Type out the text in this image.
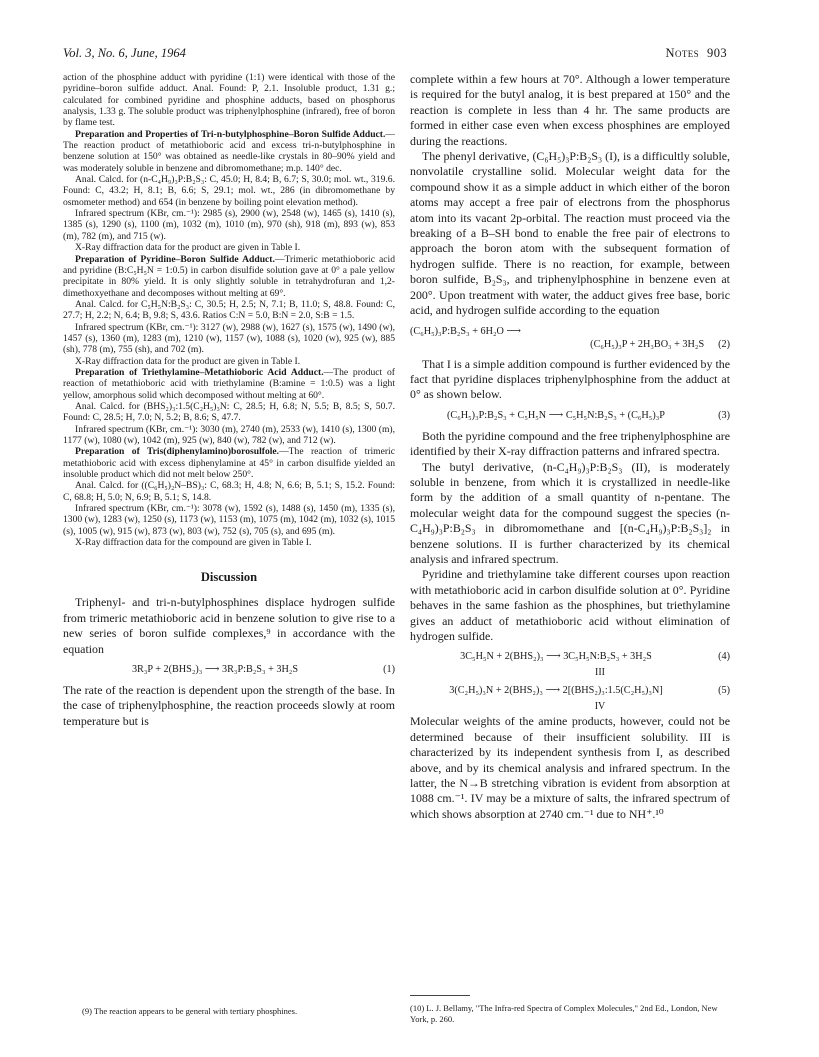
Vol. 3, No. 6, June, 1964	Notes 903

action of the phosphine adduct with pyridine (1:1) were identical with those of the pyridine–boron sulfide adduct. Anal. Found: P, 2.1. Insoluble product, 1.31 g.; calculated for combined pyridine and phosphine adducts, based on phosphorus analysis, 1.33 g. The soluble product was triphenylphosphine (infrared), free of boron by flame test.

Preparation and Properties of Tri-n-butylphosphine–Boron Sulfide Adduct.—The reaction product of metathioboric acid and excess tri-n-butylphosphine in benzene solution at 150° was obtained as needle-like crystals in 80–90% yield and was moderately soluble in benzene and dibromomethane; m.p. 140° dec.

Anal. Calcd. for (n-C₄H₉)₃P:B₂S₃: C, 45.0; H, 8.4; B, 6.7; S, 30.0; mol. wt., 319.6. Found: C, 43.2; H, 8.1; B, 6.6; S, 29.1; mol. wt., 286 (in dibromomethane by osmometer method) and 654 (in benzene by boiling point elevation method).

Infrared spectrum (KBr, cm.⁻¹): 2985 (s), 2900 (w), 2548 (w), 1465 (s), 1410 (s), 1385 (s), 1290 (s), 1100 (m), 1032 (m), 1010 (m), 970 (sh), 918 (m), 893 (w), 853 (m), 782 (m), and 715 (w).

X-Ray diffraction data for the product are given in Table I.

Preparation of Pyridine–Boron Sulfide Adduct.—Trimeric metathioboric acid and pyridine (B:C₅H₅N = 1:0.5) in carbon disulfide solution gave at 0° a pale yellow precipitate in 80% yield. It is only slightly soluble in tetrahydrofuran and 1,2-dimethoxyethane and decomposes without melting at 69°.

Anal. Calcd. for C₅H₅N:B₂S₃: C, 30.5; H, 2.5; N, 7.1; B, 11.0; S, 48.8. Found: C, 27.7; H, 2.2; N, 6.4; B, 9.8; S, 43.6. Ratios C:N = 5.0, B:N = 2.0, S:B = 1.5.

Infrared spectrum (KBr, cm.⁻¹): 3127 (w), 2988 (w), 1627 (s), 1575 (w), 1490 (w), 1457 (s), 1360 (m), 1283 (m), 1210 (w), 1157 (w), 1088 (s), 1020 (w), 925 (w), 885 (sh), 778 (m), 755 (sh), and 702 (m).

X-Ray diffraction data for the product are given in Table I.

Preparation of Triethylamine–Metathioboric Acid Adduct.—The product of reaction of metathioboric acid with triethylamine (B:amine = 1:0.5) was a light yellow, amorphous solid which decomposed without melting at 60°.

Anal. Calcd. for (BHS₂)₃:1.5(C₂H₅)₃N: C, 28.5; H, 6.8; N, 5.5; B, 8.5; S, 50.7. Found: C, 28.5; H, 7.0; N, 5.2; B, 8.6; S, 47.7.

Infrared spectrum (KBr, cm.⁻¹): 3030 (m), 2740 (m), 2533 (w), 1410 (s), 1300 (m), 1177 (w), 1080 (w), 1042 (m), 925 (w), 840 (w), 782 (w), and 712 (w).

Preparation of Tris(diphenylamino)borosulfole.—The reaction of trimeric metathioboric acid with excess diphenylamine at 45° in carbon disulfide yielded an insoluble product which did not melt below 250°.

Anal. Calcd. for ((C₆H₅)₂N–BS)₃: C, 68.3; H, 4.8; N, 6.6; B, 5.1; S, 15.2. Found: C, 68.8; H, 5.0; N, 6.9; B, 5.1; S, 14.8.

Infrared spectrum (KBr, cm.⁻¹): 3078 (w), 1592 (s), 1488 (s), 1450 (m), 1335 (s), 1300 (w), 1283 (w), 1250 (s), 1173 (w), 1153 (m), 1075 (m), 1042 (m), 1032 (s), 1015 (s), 1005 (w), 915 (w), 873 (w), 803 (w), 752 (s), 705 (s), and 695 (m).

X-Ray diffraction data for the compound are given in Table I.

Discussion

Triphenyl- and tri-n-butylphosphines displace hydrogen sulfide from trimeric metathioboric acid in benzene solution to give rise to a new series of boron sulfide complexes,⁹ in accordance with the equation

3R₃P + 2(BHS₂)₃ ⟶ 3R₃P:B₂S₃ + 3H₂S	(1)

The rate of the reaction is dependent upon the strength of the base. In the case of triphenylphosphine, the reaction proceeds slowly at room temperature but is

complete within a few hours at 70°. Although a lower temperature is required for the butyl analog, it is best prepared at 150° and the reaction is complete in less than 4 hr. The same products are formed in either case even when excess phosphines are employed during the reactions.

The phenyl derivative, (C₆H₅)₃P:B₂S₃ (I), is a difficultly soluble, nonvolatile crystalline solid. Molecular weight data for the compound show it as a simple adduct in which either of the boron atoms may accept a free pair of electrons from the phosphorus atom into its vacant 2p-orbital. The reaction must proceed via the breaking of a B–SH bond to enable the free pair of electrons to approach the boron atom with the subsequent formation of hydrogen sulfide. There is no reaction, for example, between boron sulfide, B₂S₃, and triphenylphosphine in benzene even at 200°. Upon treatment with water, the adduct gives free base, boric acid, and hydrogen sulfide according to the equation

(C₆H₅)₃P:B₂S₃ + 6H₂O ⟶
(C₆H₅)₃P + 2H₃BO₃ + 3H₂S (2)

That I is a simple addition compound is further evidenced by the fact that pyridine displaces triphenylphosphine from the adduct at 0° as shown below.

(C₆H₅)₃P:B₂S₃ + C₅H₅N ⟶ C₅H₅N:B₂S₃ + (C₆H₅)₃P	(3)

Both the pyridine compound and the free triphenylphosphine are identified by their X-ray diffraction patterns and infrared spectra.

The butyl derivative, (n-C₄H₉)₃P:B₂S₃ (II), is moderately soluble in benzene, from which it is crystallized in needle-like form by the addition of a small quantity of n-pentane. The molecular weight data for the compound suggest the species (n-C₄H₉)₃P:B₂S₃ in dibromomethane and [(n-C₄H₉)₃P:B₂S₃]₂ in benzene solutions. II is further characterized by its chemical analysis and infrared spectrum.

Pyridine and triethylamine take different courses upon reaction with metathioboric acid in carbon disulfide solution at 0°. Pyridine behaves in the same fashion as the phosphines, but triethylamine gives an adduct of metathioboric acid without elimination of hydrogen sulfide.

3C₅H₅N + 2(BHS₂)₃ ⟶ 3C₅H₅N:B₂S₃ + 3H₂S	(4)
III
3(C₂H₅)₃N + 2(BHS₂)₃ ⟶ 2[(BHS₂)₃:1.5(C₂H₅)₃N]	(5)
IV

Molecular weights of the amine products, however, could not be determined because of their insufficient solubility. III is characterized by its independent synthesis from I, as described above, and by its chemical analysis and infrared spectrum. In the latter, the N→B stretching vibration is evident from absorption at 1088 cm.⁻¹. IV may be a mixture of salts, the infrared spectrum of which shows absorption at 2740 cm.⁻¹ due to NH⁺.¹⁰

(9) The reaction appears to be general with tertiary phosphines.	(10) L. J. Bellamy, "The Infra-red Spectra of Complex Molecules," 2nd Ed., London, New York, p. 260.
